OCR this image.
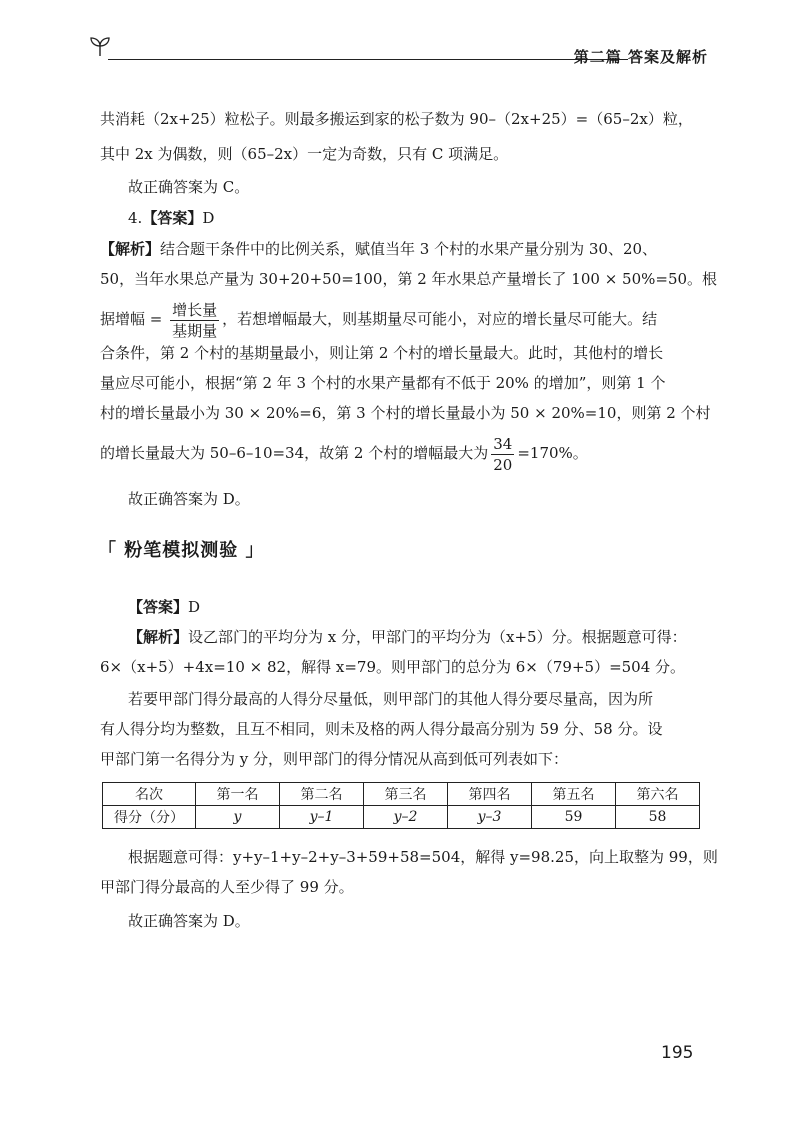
第二篇 答案及解析
共消耗（2x+25）粒松子。则最多搬运到家的松子数为 90–（2x+25）=（65–2x）粒，
其中 2x 为偶数，则（65–2x）一定为奇数，只有 C 项满足。
故正确答案为 C。
4.【答案】D
【解析】结合题干条件中的比例关系，赋值当年 3 个村的水果产量分别为 30、20、
50，当年水果总产量为 30+20+50=100，第 2 年水果总产量增长了 100 × 50%=50。根
据增幅 = $\frac{\text{增长量}}{\text{基期量}}$ ，若想增幅最大，则基期量尽可能小，对应的增长量尽可能大。结
合条件，第 2 个村的基期量最小，则让第 2 个村的增长量最大。此时，其他村的增长
量应尽可能小，根据“第 2 年 3 个村的水果产量都有不低于 20% 的增加”，则第 1 个
村的增长量最小为 30 × 20%=6，第 3 个村的增长量最小为 50 × 20%=10，则第 2 个村
的增长量最大为 50–6–10=34，故第 2 个村的增幅最大为 $\frac{34}{20} =170\%$。
故正确答案为 D。
「 粉笔模拟测验 」
【答案】D
【解析】设乙部门的平均分为 x 分，甲部门的平均分为（x+5）分。根据题意可得：
6×（x+5）+4x=10 × 82，解得 x=79。则甲部门的总分为 6×（79+5）=504 分。
若要甲部门得分最高的人得分尽量低，则甲部门的其他人得分要尽量高，因为所
有人得分均为整数，且互不相同，则未及格的两人得分最高分别为 59 分、58 分。设
甲部门第一名得分为 y 分，则甲部门的得分情况从高到低可列表如下：
名次	第一名	第二名	第三名	第四名	第五名	第六名
得分（分）	y	y–1	y–2	y–3	59	58
根据题意可得：y+y–1+y–2+y–3+59+58=504，解得 y=98.25，向上取整为 99，则
甲部门得分最高的人至少得了 99 分。
故正确答案为 D。
195
